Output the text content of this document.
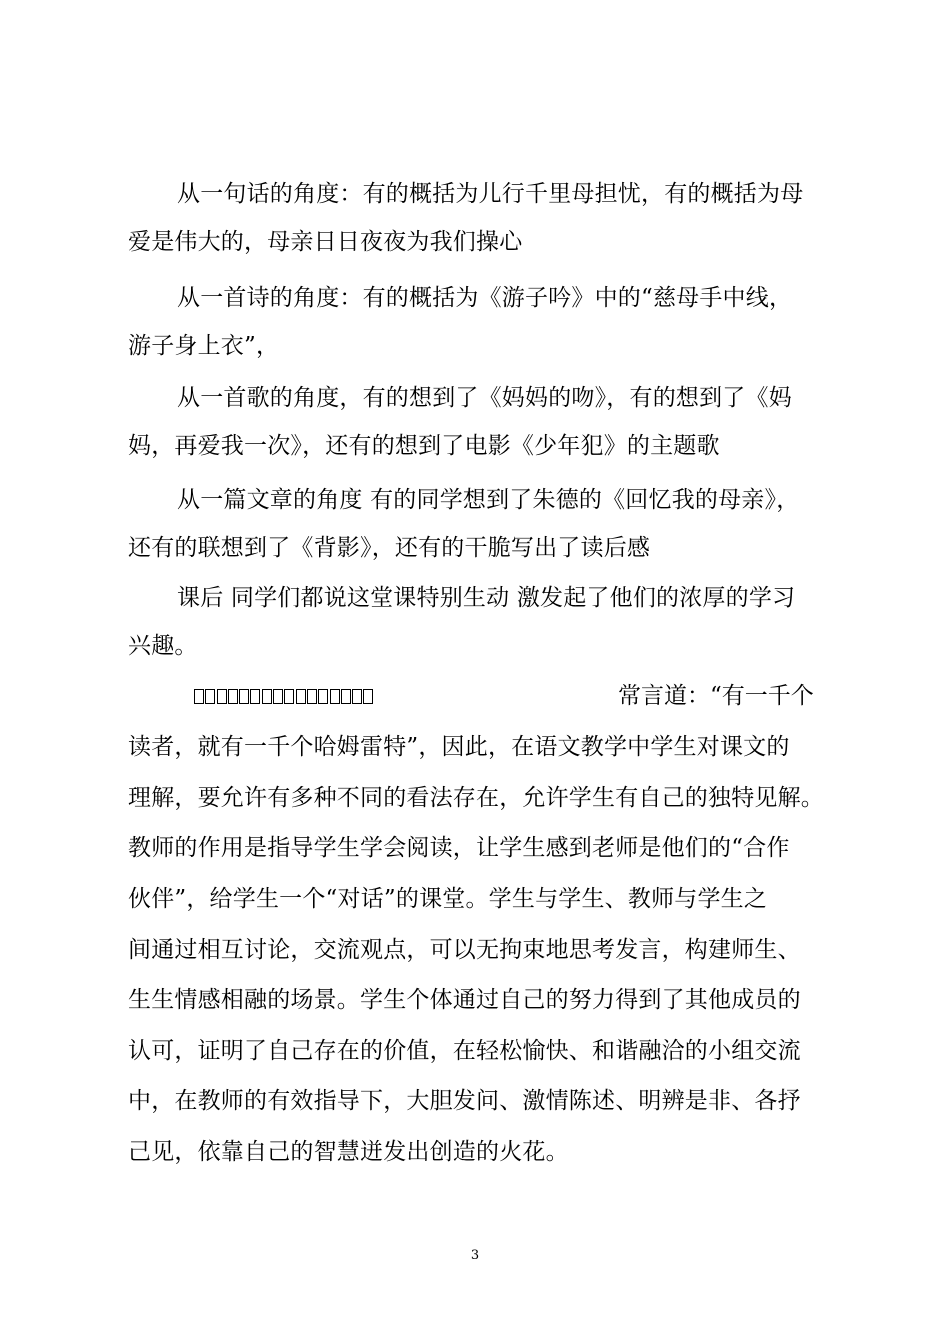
从一句话的角度：有的概括为儿行千里母担忧，有的概括为母
爱是伟大的，母亲日日夜夜为我们操心
从一首诗的角度：有的概括为《游子吟》中的“慈母手中线，
游子身上衣”，
从一首歌的角度，有的想到了《妈妈的吻》，有的想到了《妈
妈，再爱我一次》，还有的想到了电影《少年犯》的主题歌
从一篇文章的角度 有的同学想到了朱德的《回忆我的母亲》，
还有的联想到了《背影》，还有的干脆写出了读后感
课后 同学们都说这堂课特别生动 激发起了他们的浓厚的学习
兴趣。
常言道：“有一千个
读者，就有一千个哈姆雷特”，因此，在语文教学中学生对课文的
理解，要允许有多种不同的看法存在，允许学生有自己的独特见解。
教师的作用是指导学生学会阅读，让学生感到老师是他们的“合作
伙伴”，给学生一个“对话”的课堂。学生与学生、教师与学生之
间通过相互讨论，交流观点，可以无拘束地思考发言，构建师生、
生生情感相融的场景。学生个体通过自己的努力得到了其他成员的
认可，证明了自己存在的价值，在轻松愉快、和谐融洽的小组交流
中，在教师的有效指导下，大胆发问、激情陈述、明辨是非、各抒
己见，依靠自己的智慧迸发出创造的火花。
3
